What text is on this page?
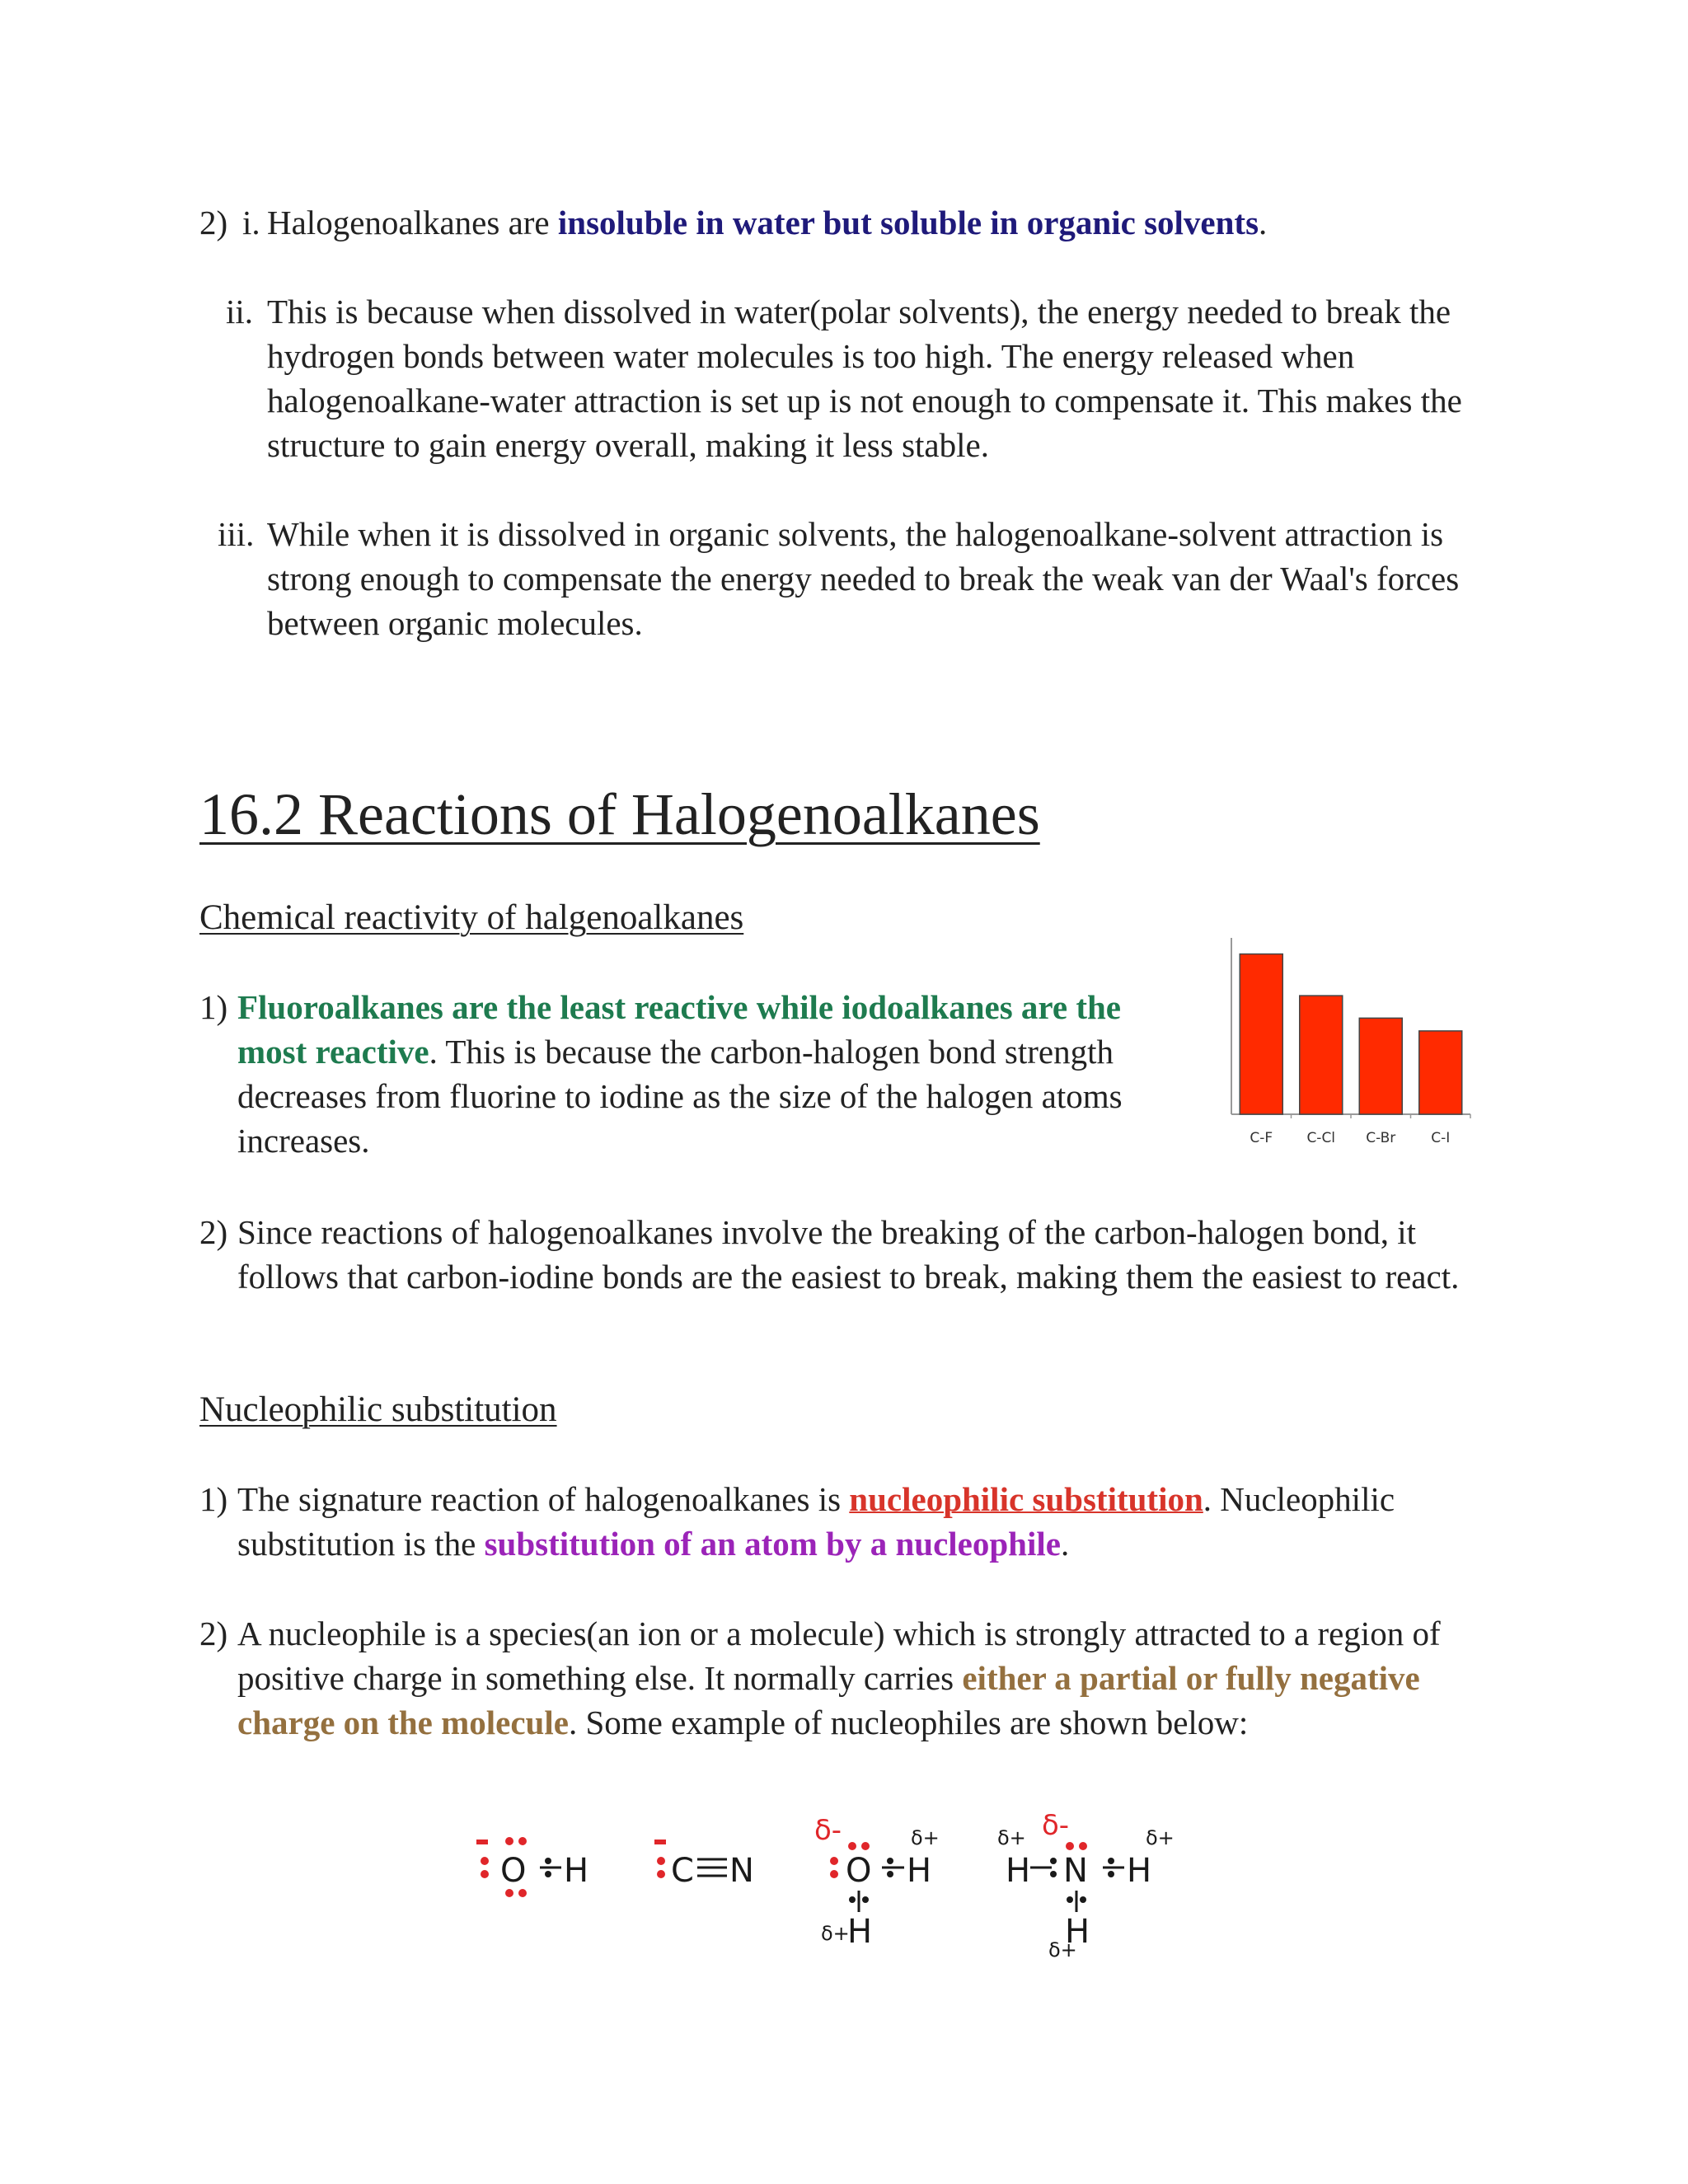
2) i. Halogenoalkanes are insoluble in water but soluble in organic solvents.
ii. This is because when dissolved in water(polar solvents), the energy needed to break the hydrogen bonds between water molecules is too high. The energy released when halogenoalkane-water attraction is set up is not enough to compensate it. This makes the structure to gain energy overall, making it less stable.
iii. While when it is dissolved in organic solvents, the halogenoalkane-solvent attraction is strong enough to compensate the energy needed to break the weak van der Waal's forces between organic molecules.
16.2 Reactions of Halogenoalkanes
Chemical reactivity of halgenoalkanes
1) Fluoroalkanes are the least reactive while iodoalkanes are the most reactive. This is because the carbon-halogen bond strength decreases from fluorine to iodine as the size of the halogen atoms increases.	C-F C-Cl C-Br	C-I
2) Since reactions of halogenoalkanes involve the breaking of the carbon-halogen bond, it follows that carbon-iodine bonds are the easiest to break, making them the easiest to react.
Nucleophilic substitution
1) The signature reaction of halogenoalkanes is nucleophilic substitution. Nucleophilic substitution is the substitution of an atom by a nucleophile.
2) A nucleophile is a species(an ion or a molecule) which is strongly attracted to a region of positive charge in something else. It normally carries either a partial or fully negative charge on the molecule. Some example of nucleophiles are shown below:
O H C N
δ-
O H
δ+
H
δ+
δ-
δ+
H N H
δ+
H
δ+
